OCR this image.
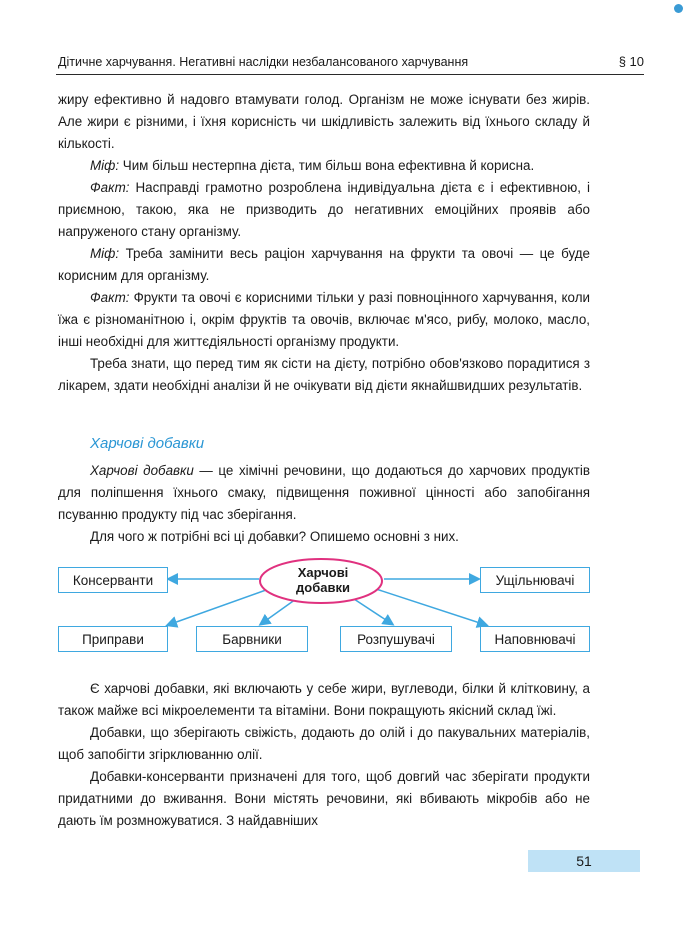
Дітичне харчування. Негативні наслідки незбалансованого харчування	§ 10

жиру ефективно й надовго втамувати голод. Організм не може існувати без жирів. Але жири є різними, і їхня корисність чи шкідливість залежить від їхнього складу й кількості.

Міф: Чим більш нестерпна дієта, тим більш вона ефективна й корисна.

Факт: Насправді грамотно розроблена індивідуальна дієта є і ефективною, і приємною, такою, яка не призводить до негативних емоційних проявів або напруженого стану організму.

Міф: Треба замінити весь раціон харчування на фрукти та овочі — це буде корисним для організму.

Факт: Фрукти та овочі є корисними тільки у разі повноцінного харчування, коли їжа є різноманітною і, окрім фруктів та овочів, включає м'ясо, рибу, молоко, масло, інші необхідні для життєдіяльності організму продукти.

Треба знати, що перед тим як сісти на дієту, потрібно обов'язково порадитися з лікарем, здати необхідні аналізи й не очікувати від дієти якнайшвидших результатів.

Харчові добавки

Харчові добавки — це хімічні речовини, що додаються до харчових продуктів для поліпшення їхнього смаку, підвищення поживної цінності або запобігання псуванню продукту під час зберігання.

Для чого ж потрібні всі ці добавки? Опишемо основні з них.

Харчові
добавки
Консерванти	Ущільнювачі
Приправи	Барвники	Розпушувачі	Наповнювачі

Є харчові добавки, які включають у себе жири, вуглеводи, білки й клітковину, а також майже всі мікроелементи та вітаміни. Вони покращують якісний склад їжі.

Добавки, що зберігають свіжість, додають до олій і до пакувальних матеріалів, щоб запобігти згірклюванню олії.

Добавки-консерванти призначені для того, щоб довгий час зберігати продукти придатними до вживання. Вони містять речовини, які вбивають мікробів або не дають їм розмножуватися. З найдавніших

51
